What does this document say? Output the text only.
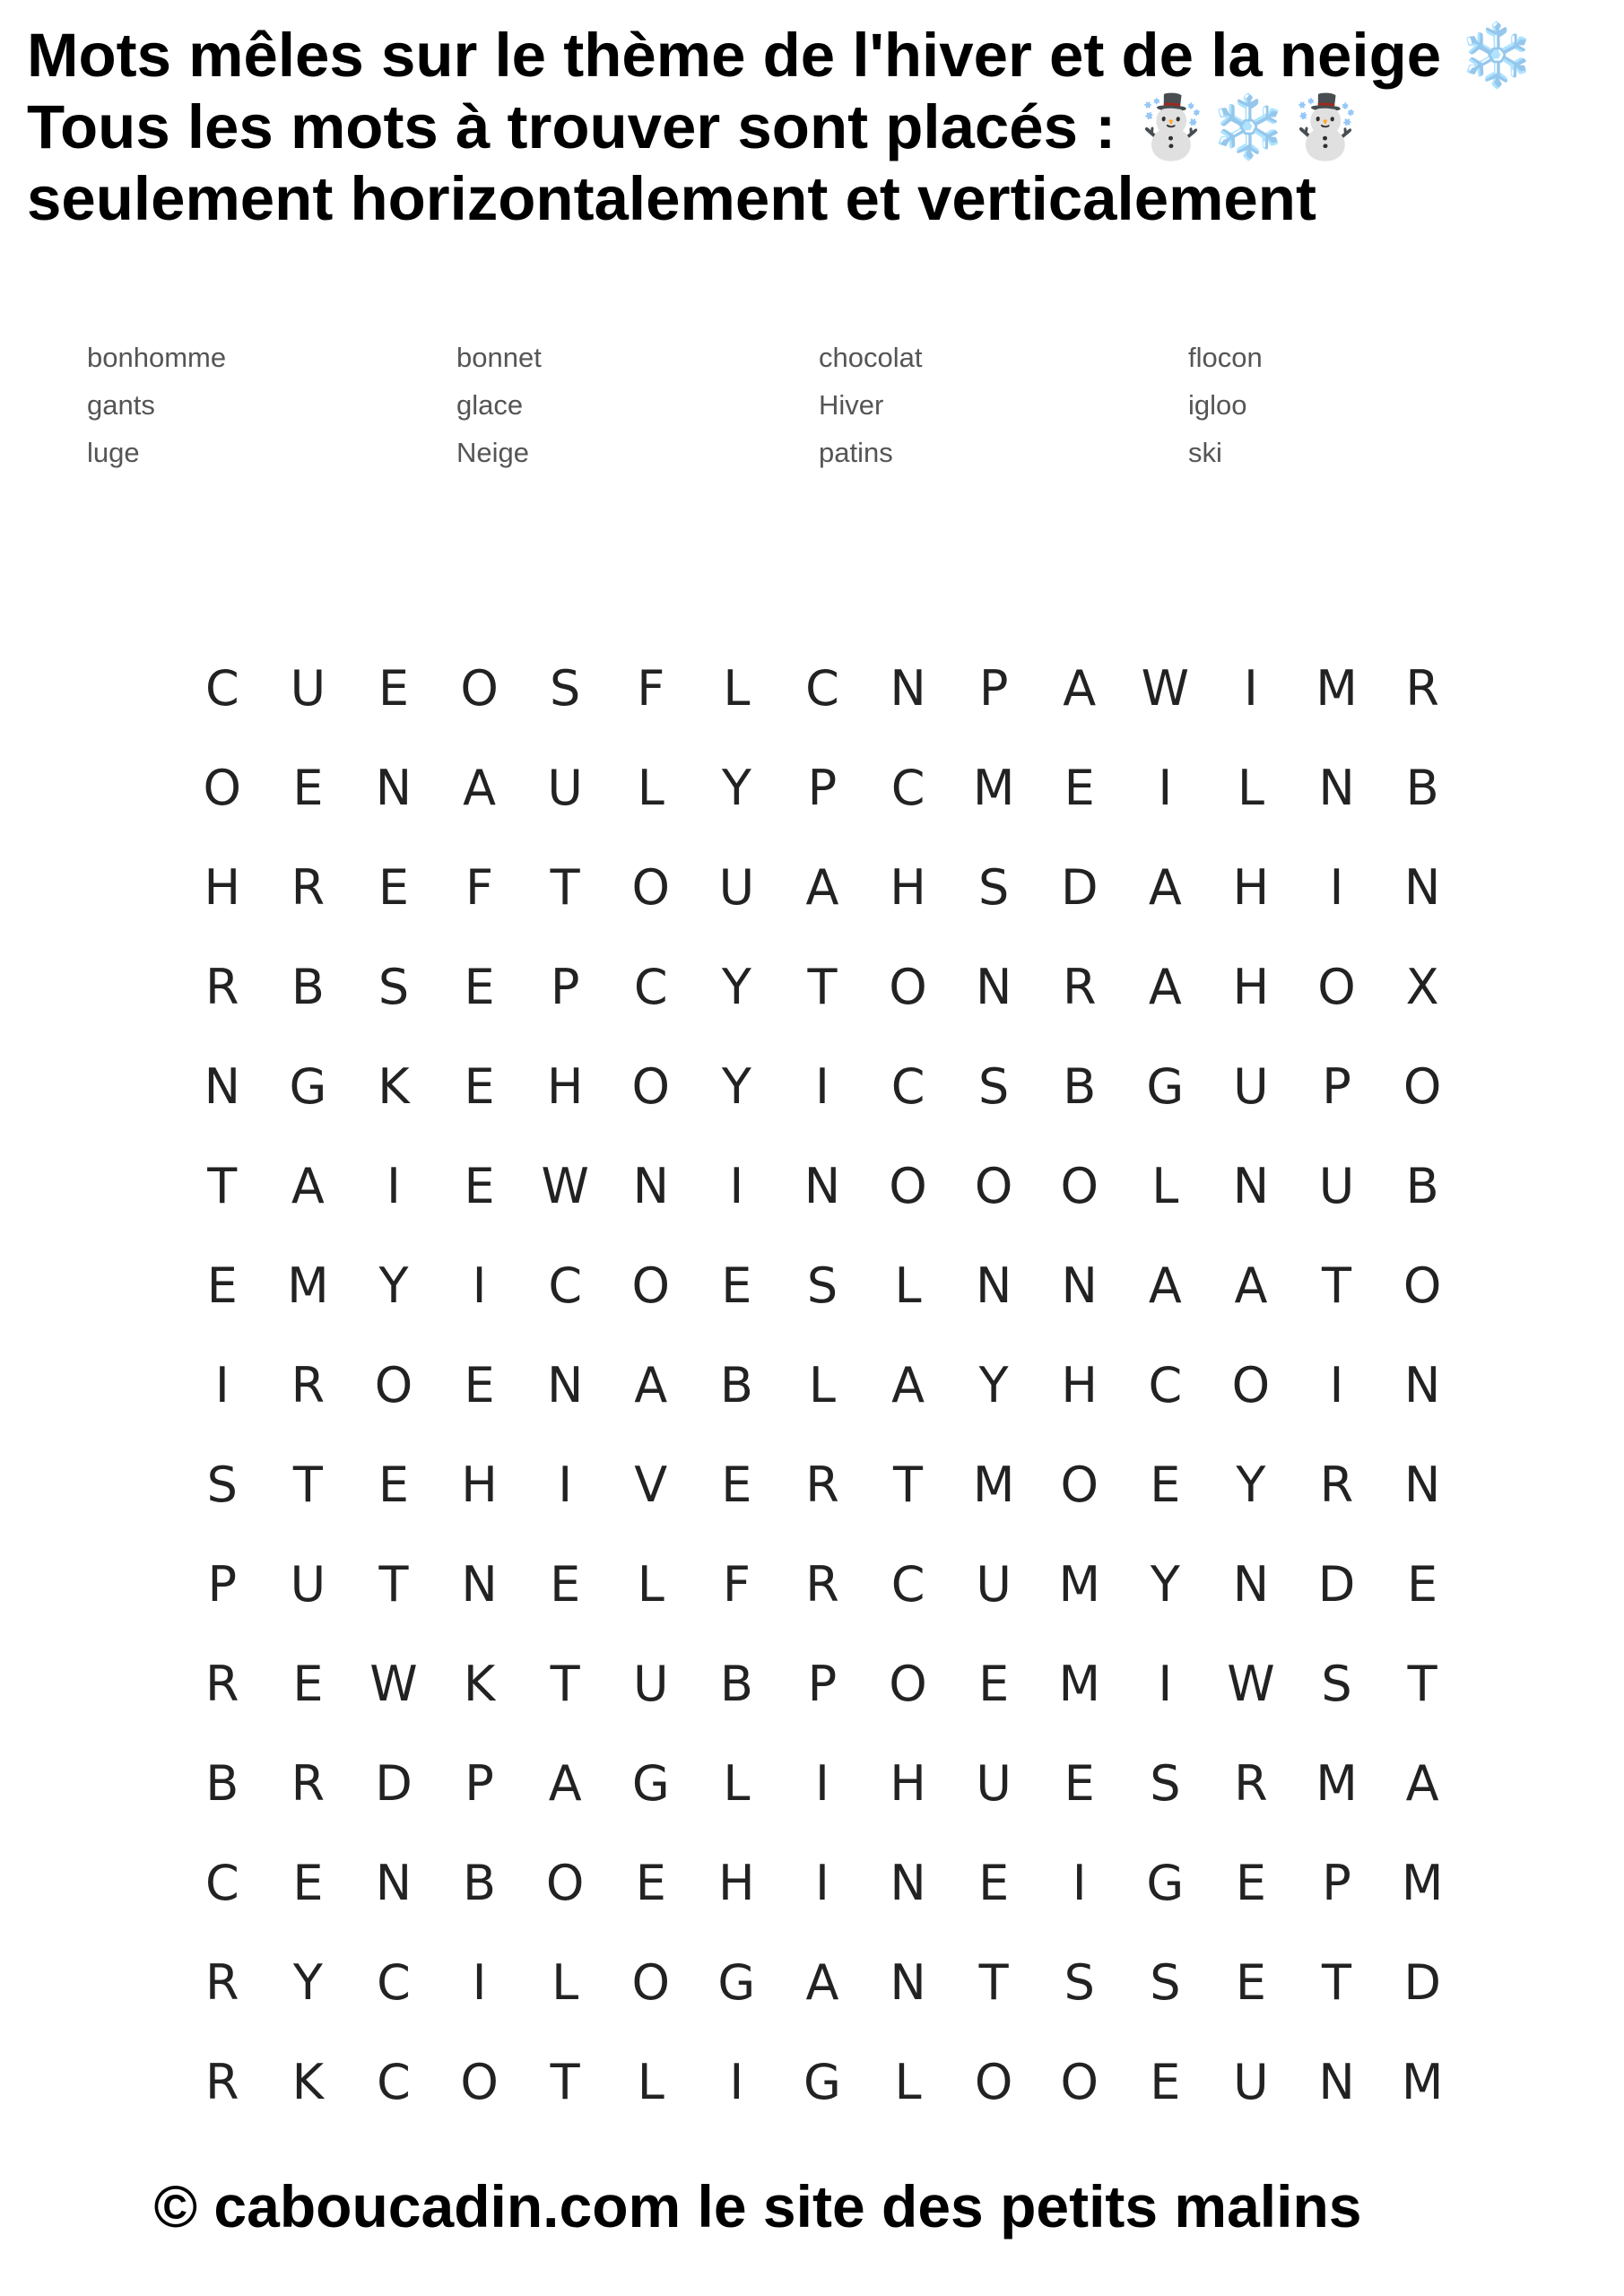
Mots mêles sur le thème de l'hiver et de la neige ❄️
Tous les mots à trouver sont placés : ☃️❄️☃️
seulement horizontalement et verticalement
bonhomme	bonnet	chocolat	flocon
gants	glace	Hiver	igloo
luge	Neige	patins	ski
C	U	E	O	S	F	L	C	N	P	A W	I	M R
O	E	N	A	U	L	Y	P	C M	E	I	L	N	B
H	R	E	F	T	O	U	A	H	S	D	A	H	I	N
R	B	S	E	P	C	Y	T	O	N	R	A	H	O	X
N	G	K	E	H	O	Y	I	C	S	B	G	U	P	O
T	A	I	E W N	I	N	O O O	L	N	U	B
E	M	Y	I	C	O	E	S	L	N	N	A	A	T	O
I	R	O	E	N	A	B	L	A	Y	H	C	O	I	N
S	T	E	H	I	V	E	R	T	M O	E	Y	R	N
P	U	T	N	E	L	F	R	C	U M	Y	N	D	E
R	E W K	T	U	B	P	O	E	M	I	W S	T
B	R	D	P	A	G	L	I	H	U	E	S	R M A
C	E	N	B	O	E	H	I	N	E	I	G	E	P	M
R	Y	C	I	L	O G	A	N	T	S	S	E	T	D
R	K	C	O	T	L	I	G	L	O O	E	U	N M
© caboucadin.com le site des petits malins
